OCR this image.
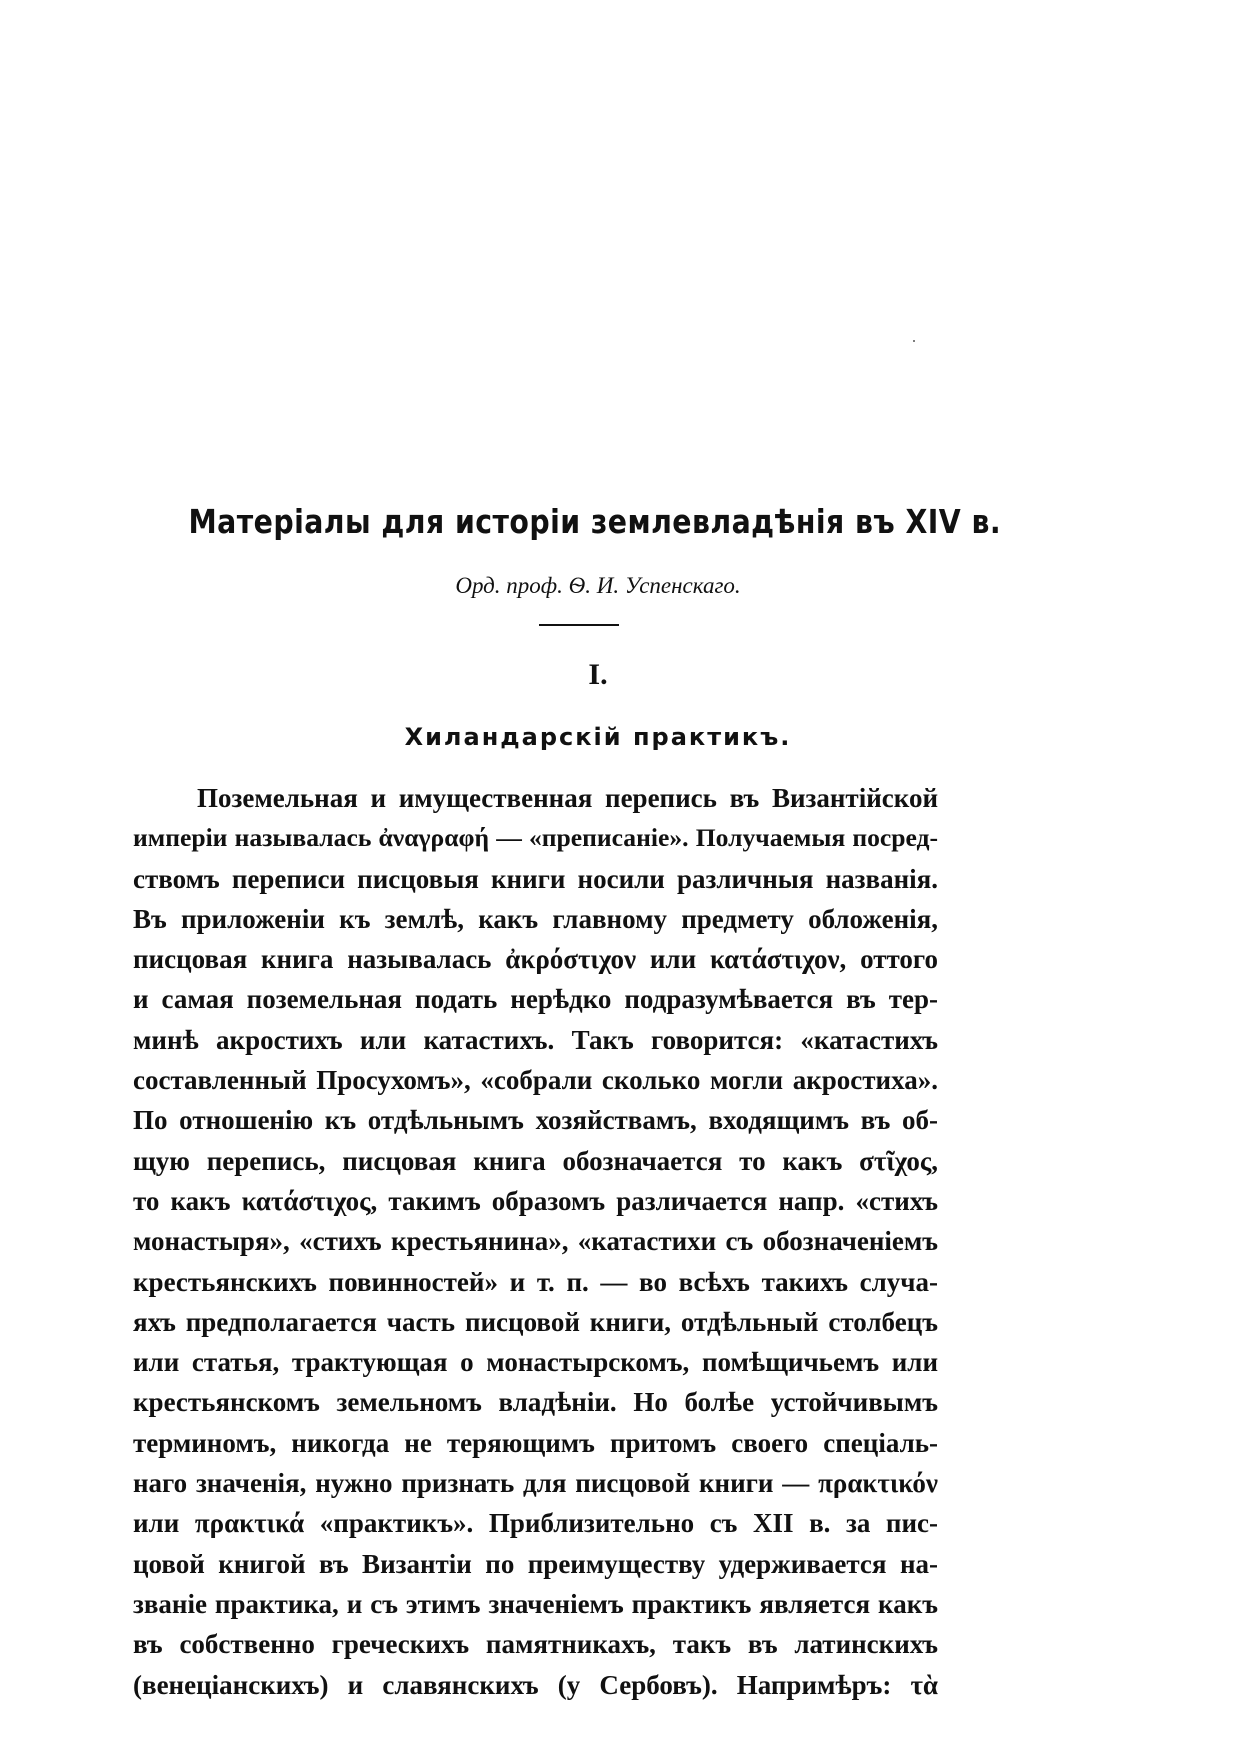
Матеріалы для исторіи землевладѣнія въ XIV в.
Орд. проф. Ѳ. И. Успенскаго.
I.
Хиландарскій практикъ.
Поземельная и имущественная перепись въ Византійской
имперіи называлась ἀναγραφή — «преписаніе». Получаемыя посред-
ствомъ переписи писцовыя книги носили различныя названія.
Въ приложеніи къ землѣ, какъ главному предмету обложенія,
писцовая книга называлась ἀκρόστιχον или κατάστιχον, оттого
и самая поземельная подать нерѣдко подразумѣвается въ тер-
минѣ акростихъ или катастихъ. Такъ говорится: «катастихъ
составленный Просухомъ», «собрали сколько могли акростиха».
По отношенію къ отдѣльнымъ хозяйствамъ, входящимъ въ об-
щую перепись, писцовая книга обозначается то какъ στῖχος,
то какъ κατάστιχος, такимъ образомъ различается напр. «стихъ
монастыря», «стихъ крестьянина», «катастихи съ обозначеніемъ
крестьянскихъ повинностей» и т. п. — во всѣхъ такихъ случа-
яхъ предполагается часть писцовой книги, отдѣльный столбецъ
или статья, трактующая о монастырскомъ, помѣщичьемъ или
крестьянскомъ земельномъ владѣніи. Но болѣе устойчивымъ
терминомъ, никогда не теряющимъ притомъ своего спеціаль-
наго значенія, нужно признать для писцовой книги — πρακτικόν
или πρακτικά «практикъ». Приблизительно съ XII в. за пис-
цовой книгой въ Византіи по преимуществу удерживается на-
званіе практика, и съ этимъ значеніемъ практикъ является какъ
въ собственно греческихъ памятникахъ, такъ въ латинскихъ
(венеціанскихъ) и славянскихъ (у Сербовъ). Напримѣръ: τὰ
